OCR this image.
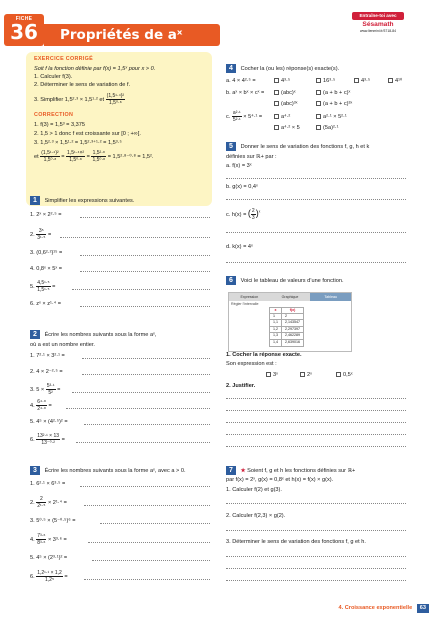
FICHE
36	Propriétés de aˣ
Entraîne-toi avec
Sésamath
www.lienmini.fr/3718-84
EXERCICE CORRIGÉ
Soit f la fonction définie par f(x) = 1,5ˣ pour x > 0.
1. Calculer f(3).
2. Déterminer le sens de variation de f.
3. Simplifier 1,5²·³ × 1,5¹·² et $\frac{\text{(1,5¹·⁴)²}}{\text{1,5⁰·⁸}}$
CORRECTION
1. f(3) = 1,5³ = 3,375
2. 1,5 > 1 donc f est croissante sur [0 ; +∞[.
3. 1,5²·³ × 1,5¹·² = 1,5²·³⁺¹·² = 1,5³·⁵
et $\frac{\text{(1,5¹·⁴)²}}{\text{1,5⁰·⁸}} = \frac{\text{1,5¹·⁴×²}}{\text{1,5⁰·⁸}} = \frac{\text{1,5²·⁸}}{\text{1,5⁰·⁸}} = 1,5^2\cdot^{8-0}\cdot^8 = 1,5^2$.
1 Simplifier les expressions suivantes.
1. 2ˣ × 2²·⁵ =
2. $\frac{\text{3⁵}}{\text{3¹·⁵}}$ =
3. (0,6²·²)¹⁵ =
4. 0,8ˣ × 5ˣ =
5. $\frac{\text{4,5¹·⁵}}{\text{1,5¹·⁵}}$ =
6. zˣ × z¹·⁴ =
2 Écrire les nombres suivants sous la forme aˣ,
où a est un nombre entier.
1. 7²·¹ × 3²·¹ =
2. 4 × 2⁻²·⁵ =
3. $5 \times \frac{\text{5³·¹}}{\text{5²}}$ =
4. $\frac{\text{6⁴·⁸}}{\text{2⁴·⁸}}$ =
5. 4⁵ × (4²·⁵)² =
6. $\frac{\text{13²·¹ × 13}}{\text{13⁻⁰·²}}$ =
3 Écrire les nombres suivants sous la forme aˣ, avec a > 0.
1. 6²·¹ × 6³·⁵ =
2. $\frac{2}{\text{2¹·⁵}} \times 2^1\cdot^4$ =
3. 5⁰·⁵ × (5⁻⁰·⁵)⁶ =
4. $\frac{\text{7³·⁶}}{\text{8³·⁶}} \times 3^3\cdot^6$ =
5. 4⁵ × (2³·¹)² =
6. $\frac{\text{1,2¹·¹ × 1,2}}{\text{1,2⁵}}$ =
4 Cocher la (ou les) réponse(s) exacte(s).
a. 4 × 4²·⁵ =	4³·⁵	16³·⁵	4³·⁵	4¹⁰
b. aˣ × bˣ × cˣ =	(abc)ˣ	(a + b + c)ˣ
(abc)³ˣ	(a + b + c)³ˣ
c. $\frac{\text{a²·¹}}{\text{5²·¹}} \times 5^4\cdot^1$ =	a⁴·²	a²·¹ × 5²·¹
a⁴·² × 5	(5a)²·¹
5 Donner le sens de variation des fonctions f, g, h et k
définies sur ℝ+ par :
a. f(x) = 3ˣ
b. g(x) = 0,4ˣ
c. h(x) = ( $\frac{2}{3} )^ˣ$
d. k(x) = 4ˣ
6 Voici le tableau de valeurs d’une fonction.
Expression	Graphique	Tableau
Règler l'intervalle
x	f(x)
1	2
1,1	2,143547
1,2	2,297397
1,3	2,462289
1,4	2,639016
1. Cocher la réponse exacte.
Son expression est :
3ˣ	2ˣ	0,5ˣ
2. Justifier.
7 ★ Soient f, g et h les fonctions définies sur ℝ+
par f(x) = 2ˣ, g(x) = 0,8ˣ et h(x) = f(x) × g(x).
1. Calculer f(2) et g(3).
2. Calculer f(2,3) × g(2).
3. Déterminer le sens de variation des fonctions f, g et h.
4. Croissance exponentielle 63
